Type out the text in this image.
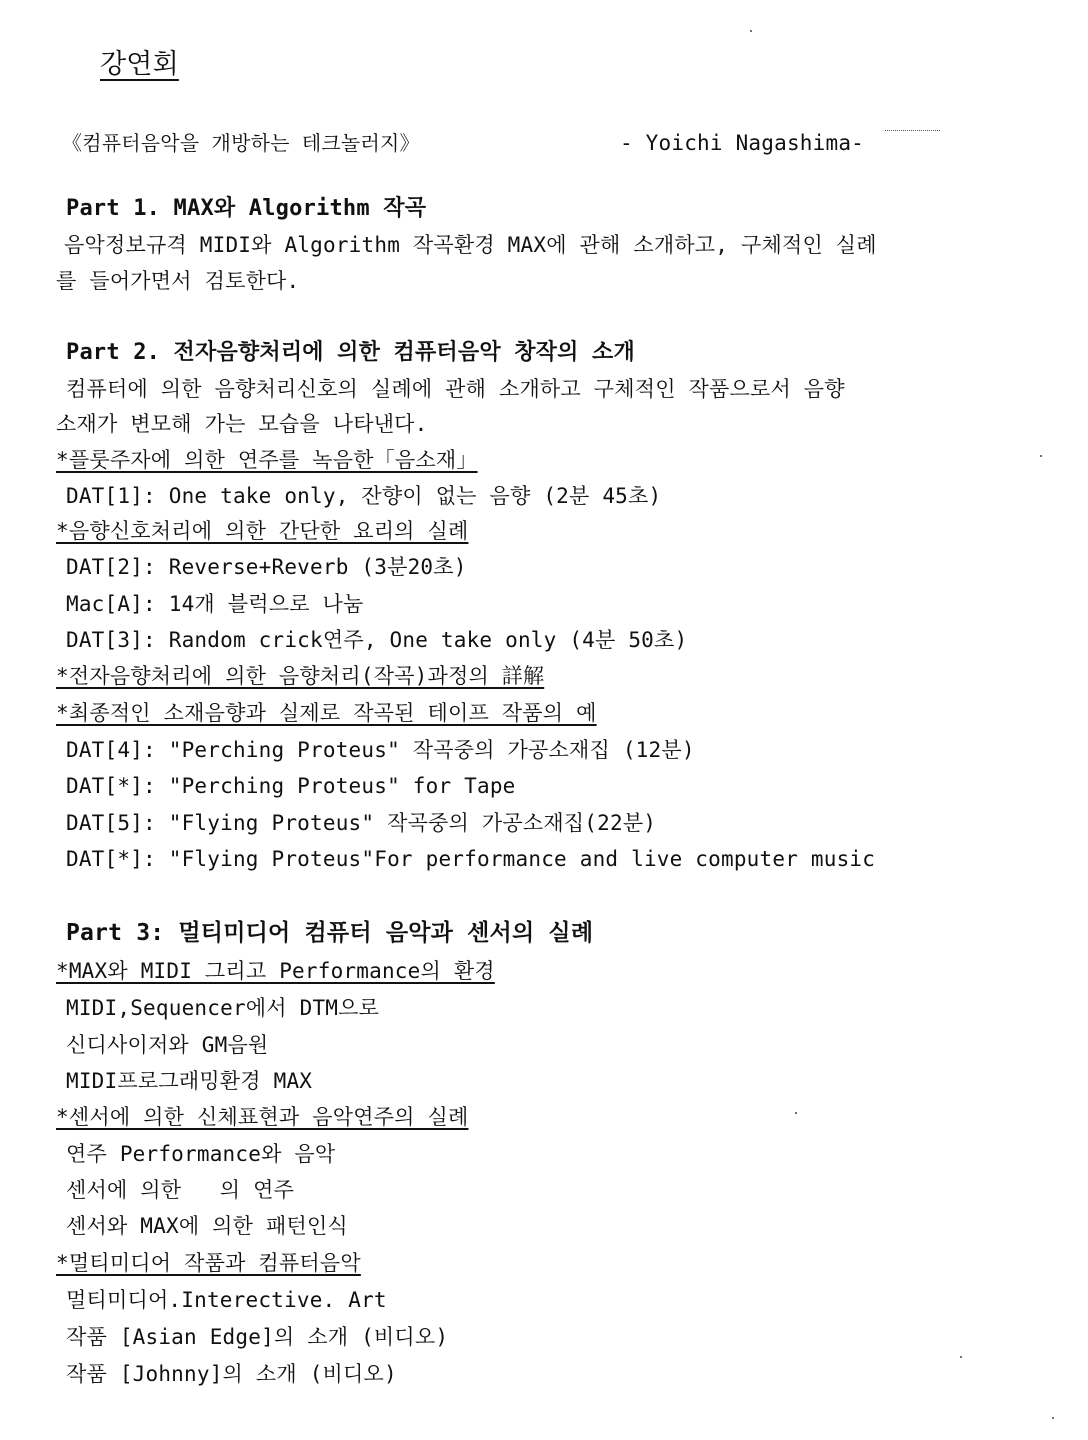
강연회
《컴퓨터음악을 개방하는 테크놀러지》	- Yoichi Nagashima-
Part 1. MAX와 Algorithm 작곡
음악정보규격 MIDI와 Algorithm 작곡환경 MAX에 관해 소개하고, 구체적인 실례
를 들어가면서 검토한다.
Part 2. 전자음향처리에 의한 컴퓨터음악 창작의 소개
컴퓨터에 의한 음향처리신호의 실례에 관해 소개하고 구체적인 작품으로서 음향
소재가 변모해 가는 모습을 나타낸다.
*플룻주자에 의한 연주를 녹음한「음소재」
DAT[1]: One take only, 잔향이 없는 음향 (2분 45초)
*음향신호처리에 의한 간단한 요리의 실례
DAT[2]: Reverse+Reverb (3분20초)
Mac[A]: 14개 블럭으로 나눔
DAT[3]: Random crick연주, One take only (4분 50초)
*전자음향처리에 의한 음향처리(작곡)과정의 詳解
*최종적인 소재음향과 실제로 작곡된 테이프 작품의 예
DAT[4]: "Perching Proteus" 작곡중의 가공소재집 (12분)
DAT[*]: "Perching Proteus" for Tape
DAT[5]: "Flying Proteus" 작곡중의 가공소재집(22분)
DAT[*]: "Flying Proteus"For performance and live computer music
Part 3: 멀티미디어 컴퓨터 음악과 센서의 실례
*MAX와 MIDI 그리고 Performance의 환경
MIDI,Sequencer에서 DTM으로
신디사이저와 GM음원
MIDI프로그래밍환경 MAX
*센서에 의한 신체표현과 음악연주의 실례
연주 Performance와 음악
센서에 의한   의 연주
센서와 MAX에 의한 패턴인식
*멀티미디어 작품과 컴퓨터음악
멀티미디어.Interective. Art
작품 [Asian Edge]의 소개 (비디오)
작품 [Johnny]의 소개 (비디오)
